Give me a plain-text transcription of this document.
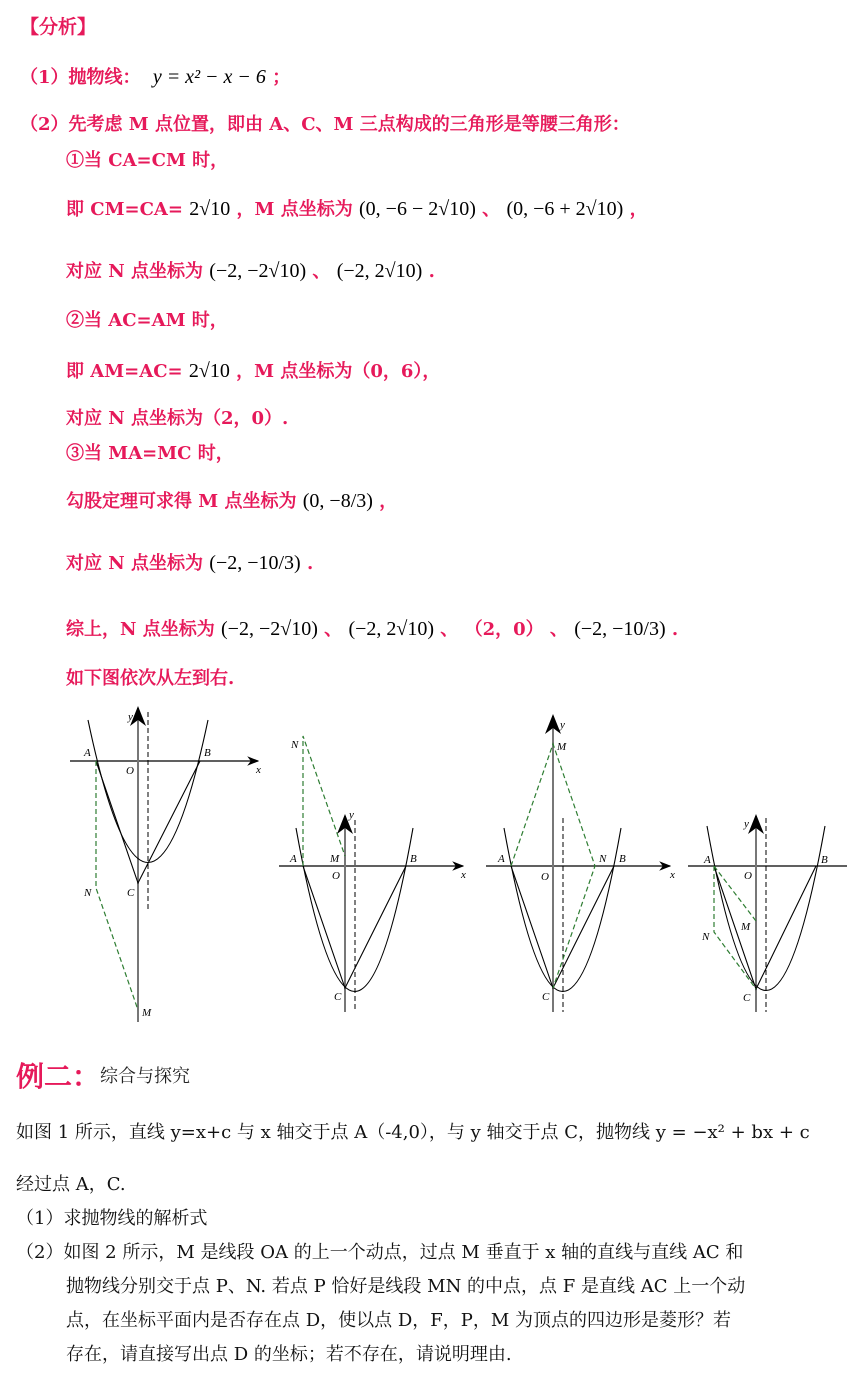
【分析】
（1）抛物线： y = x² − x − 6 ；
（2）先考虑 M 点位置，即由 A、C、M 三点构成的三角形是等腰三角形：
①当 CA=CM 时，
即 CM=CA= 2√10 ，M 点坐标为 (0, −6 − 2√10) 、 (0, −6 + 2√10) ，
对应 N 点坐标为 (−2, −2√10) 、 (−2, 2√10) .
②当 AC=AM 时，
即 AM=AC= 2√10 ，M 点坐标为（0，6），
对应 N 点坐标为（2，0）.
③当 MA=MC 时，
勾股定理可求得 M 点坐标为 (0, −8/3) ，
对应 N 点坐标为 (−2, −10/3) .
综上，N 点坐标为 (−2, −2√10) 、 (−2, 2√10) 、 （2，0） 、 (−2, −10/3) .
如下图依次从左到右.
y
x
A	B
O
C
N
M
y
x
A	B
O
C
N
M
y
x
A	B
O
C
N
M
y
A	B
O
C
N
M
例二： 综合与探究
如图 1 所示，直线 y=x+c 与 x 轴交于点 A（-4,0），与 y 轴交于点 C，抛物线 y = −x² + bx + c
经过点 A，C.
（1）求抛物线的解析式
（2）如图 2 所示，M 是线段 OA 的上一个动点，过点 M 垂直于 x 轴的直线与直线 AC 和
抛物线分别交于点 P、N. 若点 P 恰好是线段 MN 的中点，点 F 是直线 AC 上一个动
点，在坐标平面内是否存在点 D，使以点 D，F，P，M 为顶点的四边形是菱形？若
存在，请直接写出点 D 的坐标；若不存在，请说明理由.
